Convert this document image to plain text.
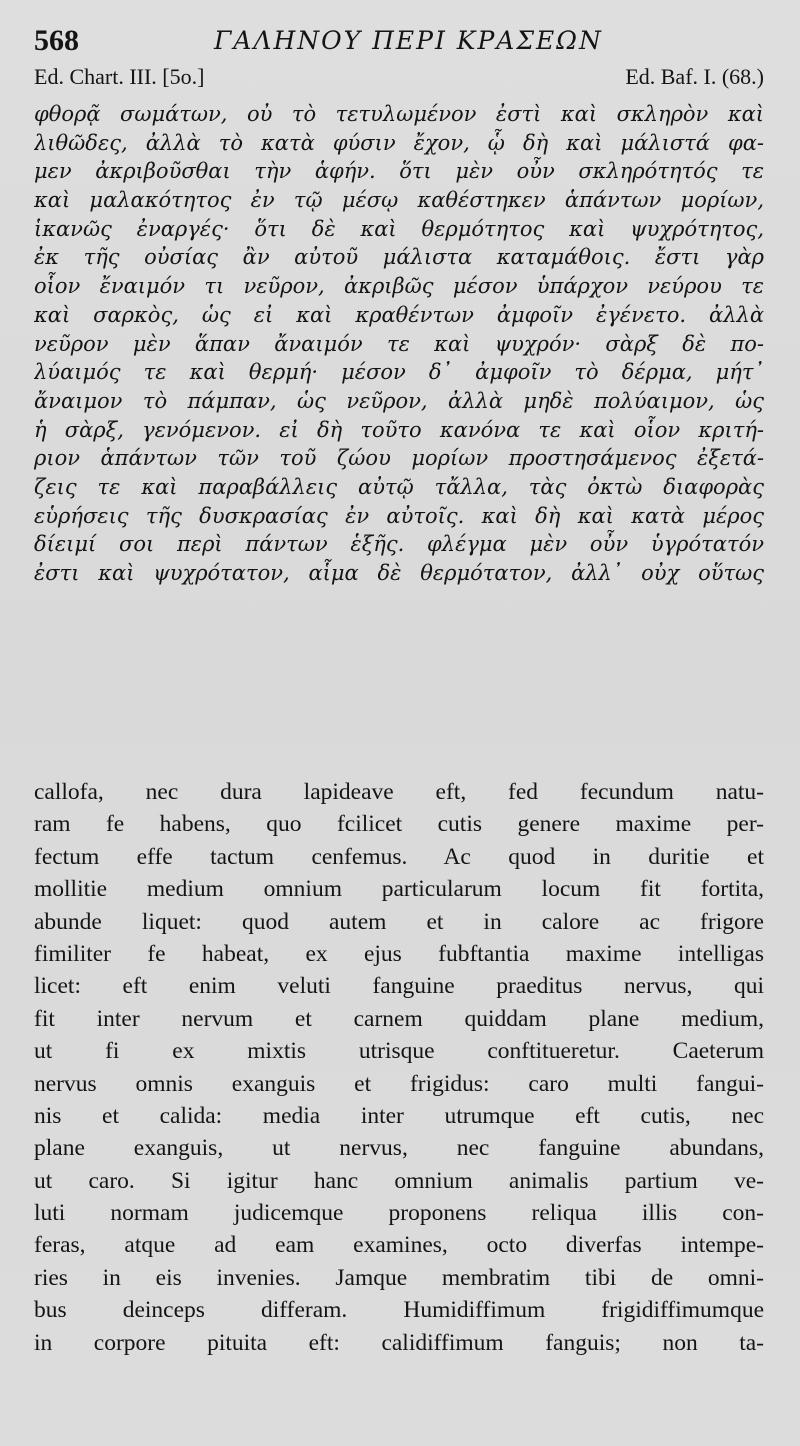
568	ΓΑΛΗΝΟΥ ΠΕΡΙ ΚΡΑΣΕΩΝ
Ed. Chart. III. [5o.]	Ed. Baf. I. (68.)
φθορᾷ σωμάτων, οὐ τὸ τετυλωμένον ἐστὶ καὶ σκληρὸν καὶ
λιθῶδες, ἀλλὰ τὸ κατὰ φύσιν ἔχον, ᾧ δὴ καὶ μάλιστά φα-
μεν ἀκριβοῦσθαι τὴν ἁφήν. ὅτι μὲν οὖν σκληρότητός τε
καὶ μαλακότητος ἐν τῷ μέσῳ καθέστηκεν ἁπάντων μορίων,
ἱκανῶς ἐναργές· ὅτι δὲ καὶ θερμότητος καὶ ψυχρότητος,
ἐκ τῆς οὐσίας ἂν αὐτοῦ μάλιστα καταμάθοις. ἔστι γὰρ
οἷον ἔναιμόν τι νεῦρον, ἀκριβῶς μέσον ὑπάρχον νεύρου τε
καὶ σαρκὸς, ὡς εἰ καὶ κραθέντων ἀμφοῖν ἐγένετο. ἀλλὰ
νεῦρον μὲν ἅπαν ἄναιμόν τε καὶ ψυχρόν· σὰρξ δὲ πο-
λύαιμός τε καὶ θερμή· μέσον δ᾽ ἀμφοῖν τὸ δέρμα, μήτ᾽
ἄναιμον τὸ πάμπαν, ὡς νεῦρον, ἀλλὰ μηδὲ πολύαιμον, ὡς
ἡ σὰρξ, γενόμενον. εἰ δὴ τοῦτο κανόνα τε καὶ οἷον κριτή-
ριον ἁπάντων τῶν τοῦ ζώου μορίων προστησάμενος ἐξετά-
ζεις τε καὶ παραβάλλεις αὐτῷ τἄλλα, τὰς ὀκτὼ διαφορὰς
εὑρήσεις τῆς δυσκρασίας ἐν αὐτοῖς. καὶ δὴ καὶ κατὰ μέρος
δίειμί σοι περὶ πάντων ἑξῆς. φλέγμα μὲν οὖν ὑγρότατόν
ἐστι καὶ ψυχρότατον, αἷμα δὲ θερμότατον, ἀλλ᾽ οὐχ οὕτως
callofa, nec dura lapideave eft, fed fecundum natu-
ram fe habens, quo fcilicet cutis genere maxime per-
fectum effe tactum cenfemus. Ac quod in duritie et
mollitie medium omnium particularum locum fit fortita,
abunde liquet: quod autem et in calore ac frigore
fimiliter fe habeat, ex ejus fubftantia maxime intelligas
licet: eft enim veluti fanguine praeditus nervus, qui
fit inter nervum et carnem quiddam plane medium,
ut fi ex mixtis utrisque conftitueretur. Caeterum
nervus omnis exanguis et frigidus: caro multi fangui-
nis et calida: media inter utrumque eft cutis, nec
plane exanguis, ut nervus, nec fanguine abundans,
ut caro. Si igitur hanc omnium animalis partium ve-
luti normam judicemque proponens reliqua illis con-
feras, atque ad eam examines, octo diverfas intempe-
ries in eis invenies. Jamque membratim tibi de omni-
bus deinceps differam. Humidiffimum frigidiffimumque
in corpore pituita eft: calidiffimum fanguis; non ta-
